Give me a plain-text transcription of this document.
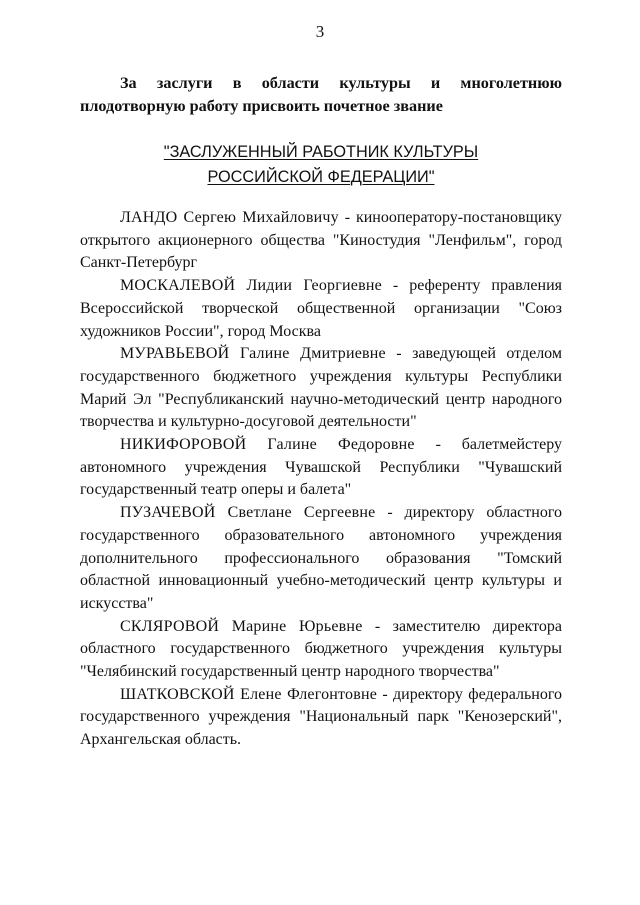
3
За заслуги в области культуры и многолетнюю
плодотворную работу присвоить почетное звание
"ЗАСЛУЖЕННЫЙ РАБОТНИК КУЛЬТУРЫ
РОССИЙСКОЙ ФЕДЕРАЦИИ"
ЛАНДО Сергею Михайловичу - кинооператору-постановщику открытого акционерного общества "Киностудия "Ленфильм", город Санкт-Петербург
МОСКАЛЕВОЙ Лидии Георгиевне - референту правления Всероссийской творческой общественной организации "Союз художников России", город Москва
МУРАВЬЕВОЙ Галине Дмитриевне - заведующей отделом государственного бюджетного учреждения культуры Республики Марий Эл "Республиканский научно-методический центр народного творчества и культурно-досуговой деятельности"
НИКИФОРОВОЙ Галине Федоровне - балетмейстеру автономного учреждения Чувашской Республики "Чувашский государственный театр оперы и балета"
ПУЗАЧЕВОЙ Светлане Сергеевне - директору областного государственного образовательного автономного учреждения дополнительного профессионального образования "Томский областной инновационный учебно-методический центр культуры и искусства"
СКЛЯРОВОЙ Марине Юрьевне - заместителю директора областного государственного бюджетного учреждения культуры "Челябинский государственный центр народного творчества"
ШАТКОВСКОЙ Елене Флегонтовне - директору федерального государственного учреждения "Национальный парк "Кенозерский", Архангельская область.
